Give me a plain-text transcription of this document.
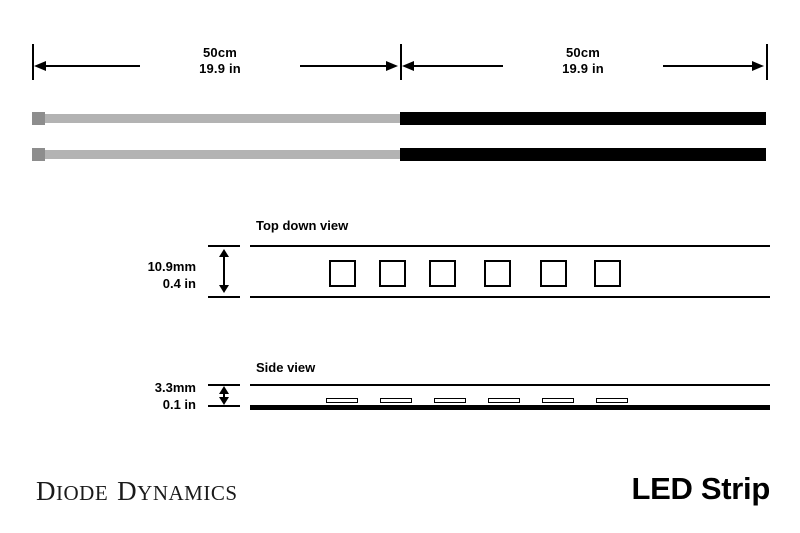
50cm
19.9 in
50cm
19.9 in
Top down view
10.9mm
0.4 in
Side view
3.3mm
0.1 in
DIODE DYNAMICS	LED Strip
